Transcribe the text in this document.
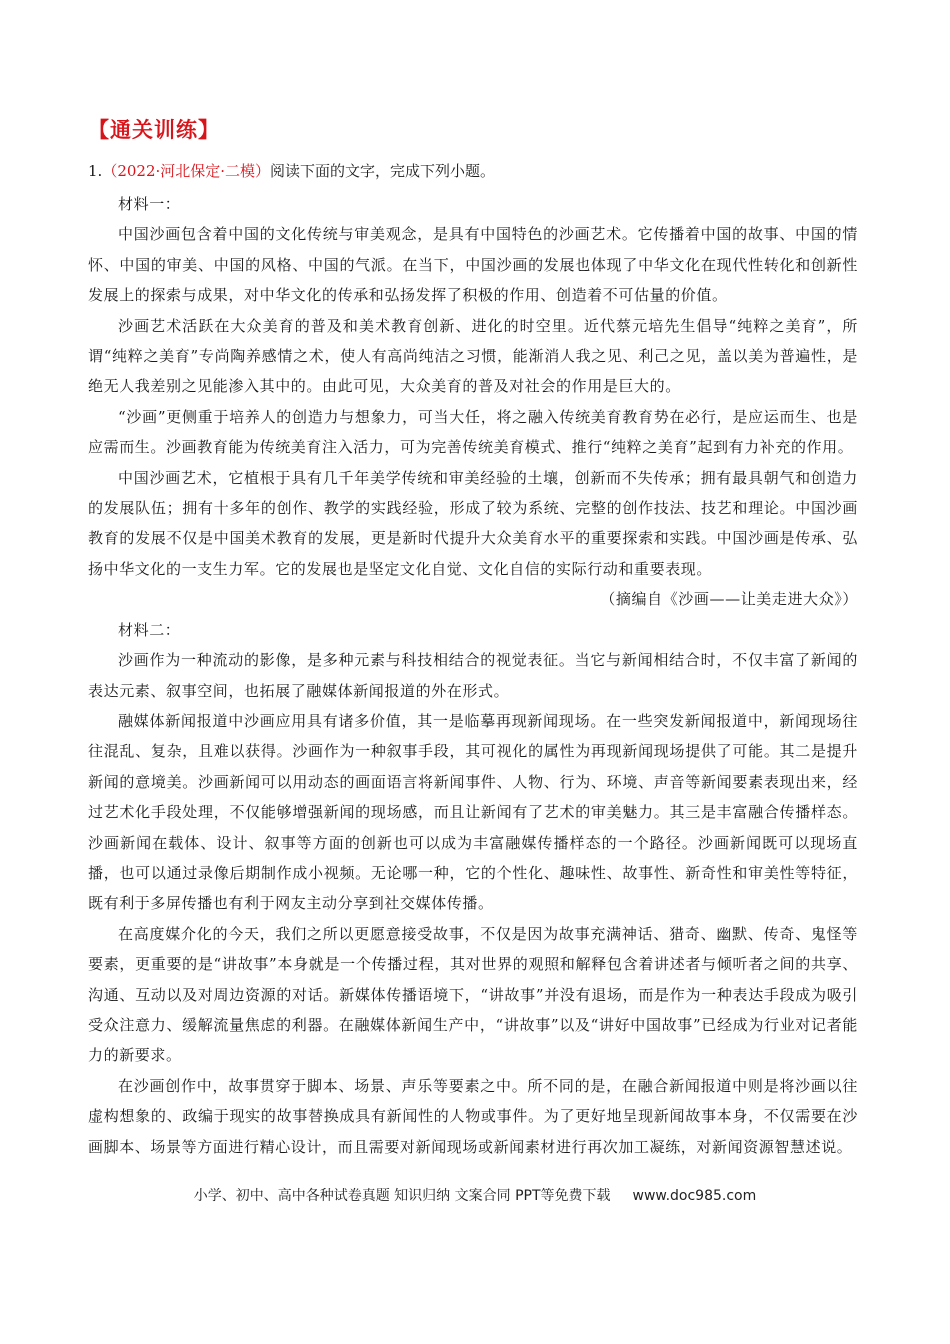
【通关训练】
1.（2022·河北保定·二模）阅读下面的文字，完成下列小题。

材料一：

中国沙画包含着中国的文化传统与审美观念，是具有中国特色的沙画艺术。它传播着中国的故事、中国的情怀、中国的审美、中国的风格、中国的气派。在当下，中国沙画的发展也体现了中华文化在现代性转化和创新性发展上的探索与成果，对中华文化的传承和弘扬发挥了积极的作用、创造着不可估量的价值。

沙画艺术活跃在大众美育的普及和美术教育创新、进化的时空里。近代蔡元培先生倡导“纯粹之美育”，所谓“纯粹之美育”专尚陶养感情之术，使人有高尚纯洁之习惯，能渐消人我之见、利己之见，盖以美为普遍性，是绝无人我差别之见能渗入其中的。由此可见，大众美育的普及对社会的作用是巨大的。

“沙画”更侧重于培养人的创造力与想象力，可当大任，将之融入传统美育教育势在必行，是应运而生、也是应需而生。沙画教育能为传统美育注入活力，可为完善传统美育模式、推行“纯粹之美育”起到有力补充的作用。

中国沙画艺术，它植根于具有几千年美学传统和审美经验的土壤，创新而不失传承；拥有最具朝气和创造力的发展队伍；拥有十多年的创作、教学的实践经验，形成了较为系统、完整的创作技法、技艺和理论。中国沙画教育的发展不仅是中国美术教育的发展，更是新时代提升大众美育水平的重要探索和实践。中国沙画是传承、弘扬中华文化的一支生力军。它的发展也是坚定文化自觉、文化自信的实际行动和重要表现。

（摘编自《沙画——让美走进大众》）

材料二：

沙画作为一种流动的影像，是多种元素与科技相结合的视觉表征。当它与新闻相结合时，不仅丰富了新闻的表达元素、叙事空间，也拓展了融媒体新闻报道的外在形式。

融媒体新闻报道中沙画应用具有诸多价值，其一是临摹再现新闻现场。在一些突发新闻报道中，新闻现场往往混乱、复杂，且难以获得。沙画作为一种叙事手段，其可视化的属性为再现新闻现场提供了可能。其二是提升新闻的意境美。沙画新闻可以用动态的画面语言将新闻事件、人物、行为、环境、声音等新闻要素表现出来，经过艺术化手段处理，不仅能够增强新闻的现场感，而且让新闻有了艺术的审美魅力。其三是丰富融合传播样态。沙画新闻在载体、设计、叙事等方面的创新也可以成为丰富融媒传播样态的一个路径。沙画新闻既可以现场直播，也可以通过录像后期制作成小视频。无论哪一种，它的个性化、趣味性、故事性、新奇性和审美性等特征，既有利于多屏传播也有利于网友主动分享到社交媒体传播。

在高度媒介化的今天，我们之所以更愿意接受故事，不仅是因为故事充满神话、猎奇、幽默、传奇、鬼怪等要素，更重要的是“讲故事”本身就是一个传播过程，其对世界的观照和解释包含着讲述者与倾听者之间的共享、沟通、互动以及对周边资源的对话。新媒体传播语境下，“讲故事”并没有退场，而是作为一种表达手段成为吸引受众注意力、缓解流量焦虑的利器。在融媒体新闻生产中，“讲故事”以及“讲好中国故事”已经成为行业对记者能力的新要求。

在沙画创作中，故事贯穿于脚本、场景、声乐等要素之中。所不同的是，在融合新闻报道中则是将沙画以往虚构想象的、政编于现实的故事替换成具有新闻性的人物或事件。为了更好地呈现新闻故事本身，不仅需要在沙画脚本、场景等方面进行精心设计，而且需要对新闻现场或新闻素材进行再次加工凝练，对新闻资源智慧述说。

小学、初中、高中各种试卷真题 知识归纳 文案合同 PPT等免费下载 www.doc985.com
